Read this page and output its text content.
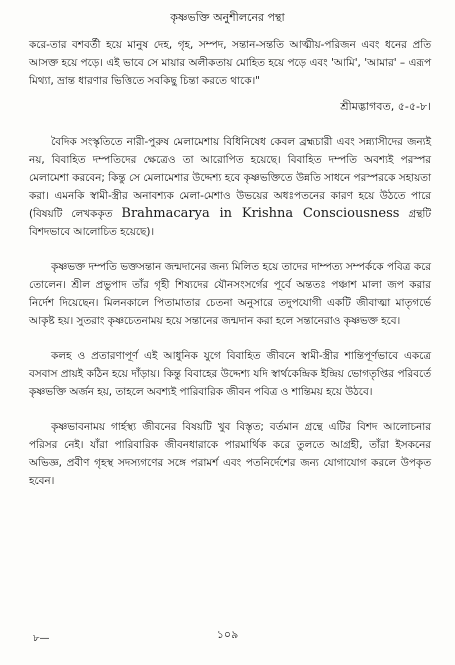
কৃষ্ণভক্তি অনুশীলনের পন্থা

করে-তার বশবর্তী হয়ে মানুষ দেহ, গৃহ, সম্পদ, সন্তান-সন্ততি আত্মীয়-পরিজন এবং ধনের প্রতি আসক্ত হয়ে পড়ে। এই ভাবে সে মায়ার অলীকতায় মোহিত হয়ে পড়ে এবং 'আমি', 'আমার' – এরূপ মিথ্যা, ভ্রান্ত ধারণার ভিত্তিতে সবকিছু চিন্তা করতে থাকে।"

শ্রীমদ্ভাগবত, ৫-৫-৮।

বৈদিক সংস্কৃতিতে নারী-পুরুষ মেলামেশায় বিধিনিষেধ কেবল ব্রহ্মচারী এবং সন্ন্যাসীদের জন্যই নয়, বিবাহিত দম্পতিদের ক্ষেত্রেও তা আরোপিত হয়েছে। বিবাহিত দম্পতি অবশ্যই পরস্পর মেলামেশা করবেন; কিন্তু সে মেলামেশার উদ্দেশ্য হবে কৃষ্ণভক্তিতে উন্নতি সাধনে পরস্পরকে সহায়তা করা। এমনকি স্বামী-স্ত্রীর অনাবশ্যক মেলা-মেশাও উভয়ের অধঃপতনের কারণ হয়ে উঠতে পারে (বিষয়টি লেখককৃত Brahmacarya in Krishna Consciousness গ্রন্থটি বিশদভাবে আলোচিত হয়েছে)।

কৃষ্ণভক্ত দম্পতি ভক্তসন্তান জন্মদানের জন্য মিলিত হয়ে তাদের দাম্পত্য সম্পর্ককে পবিত্র করে তোলেন। শ্রীল প্রভুপাদ তাঁর গৃহী শিষ্যদের যৌনসংসর্গের পূর্বে অন্ততঃ পঞ্চাশ মালা জপ করার নির্দেশ দিয়েছেন। মিলনকালে পিতামাতার চেতনা অনুসারে তদুপযোগী একটি জীবাত্মা মাতৃগর্ভে আকৃষ্ট হয়। সুতরাং কৃষ্ণচেতনাময় হয়ে সন্তানের জন্মদান করা হলে সন্তানেরাও কৃষ্ণভক্ত হবে।

কলহ ও প্রতারণাপূর্ণ এই আধুনিক যুগে বিবাহিত জীবনে স্বামী-স্ত্রীর শান্তিপূর্ণভাবে একত্রে বসবাস প্রায়ই কঠিন হয়ে দাঁড়ায়। কিন্তু বিবাহের উদ্দেশ্য যদি স্বার্থকেন্দ্রিক ইন্দ্রিয় ভোগতৃপ্তির পরিবর্তে কৃষ্ণভক্তি অর্জন হয়, তাহলে অবশ্যই পারিবারিক জীবন পবিত্র ও শান্তিময় হয়ে উঠবে।

কৃষ্ণভাবনাময় গার্হস্থ্য জীবনের বিষয়টি খুব বিস্তৃত; বর্তমান গ্রন্থে এটির বিশদ আলোচনার পরিসর নেই। যাঁরা পারিবারিক জীবনধারাকে পারমার্থিক করে তুলতে আগ্রহী, তাঁরা ইসকনের অভিজ্ঞ, প্রবীণ গৃহস্থ সদস্যগণের সঙ্গে পরামর্শ এবং পতনির্দেশের জন্য যোগাযোগ করলে উপকৃত হবেন।

১০৯
৮—
